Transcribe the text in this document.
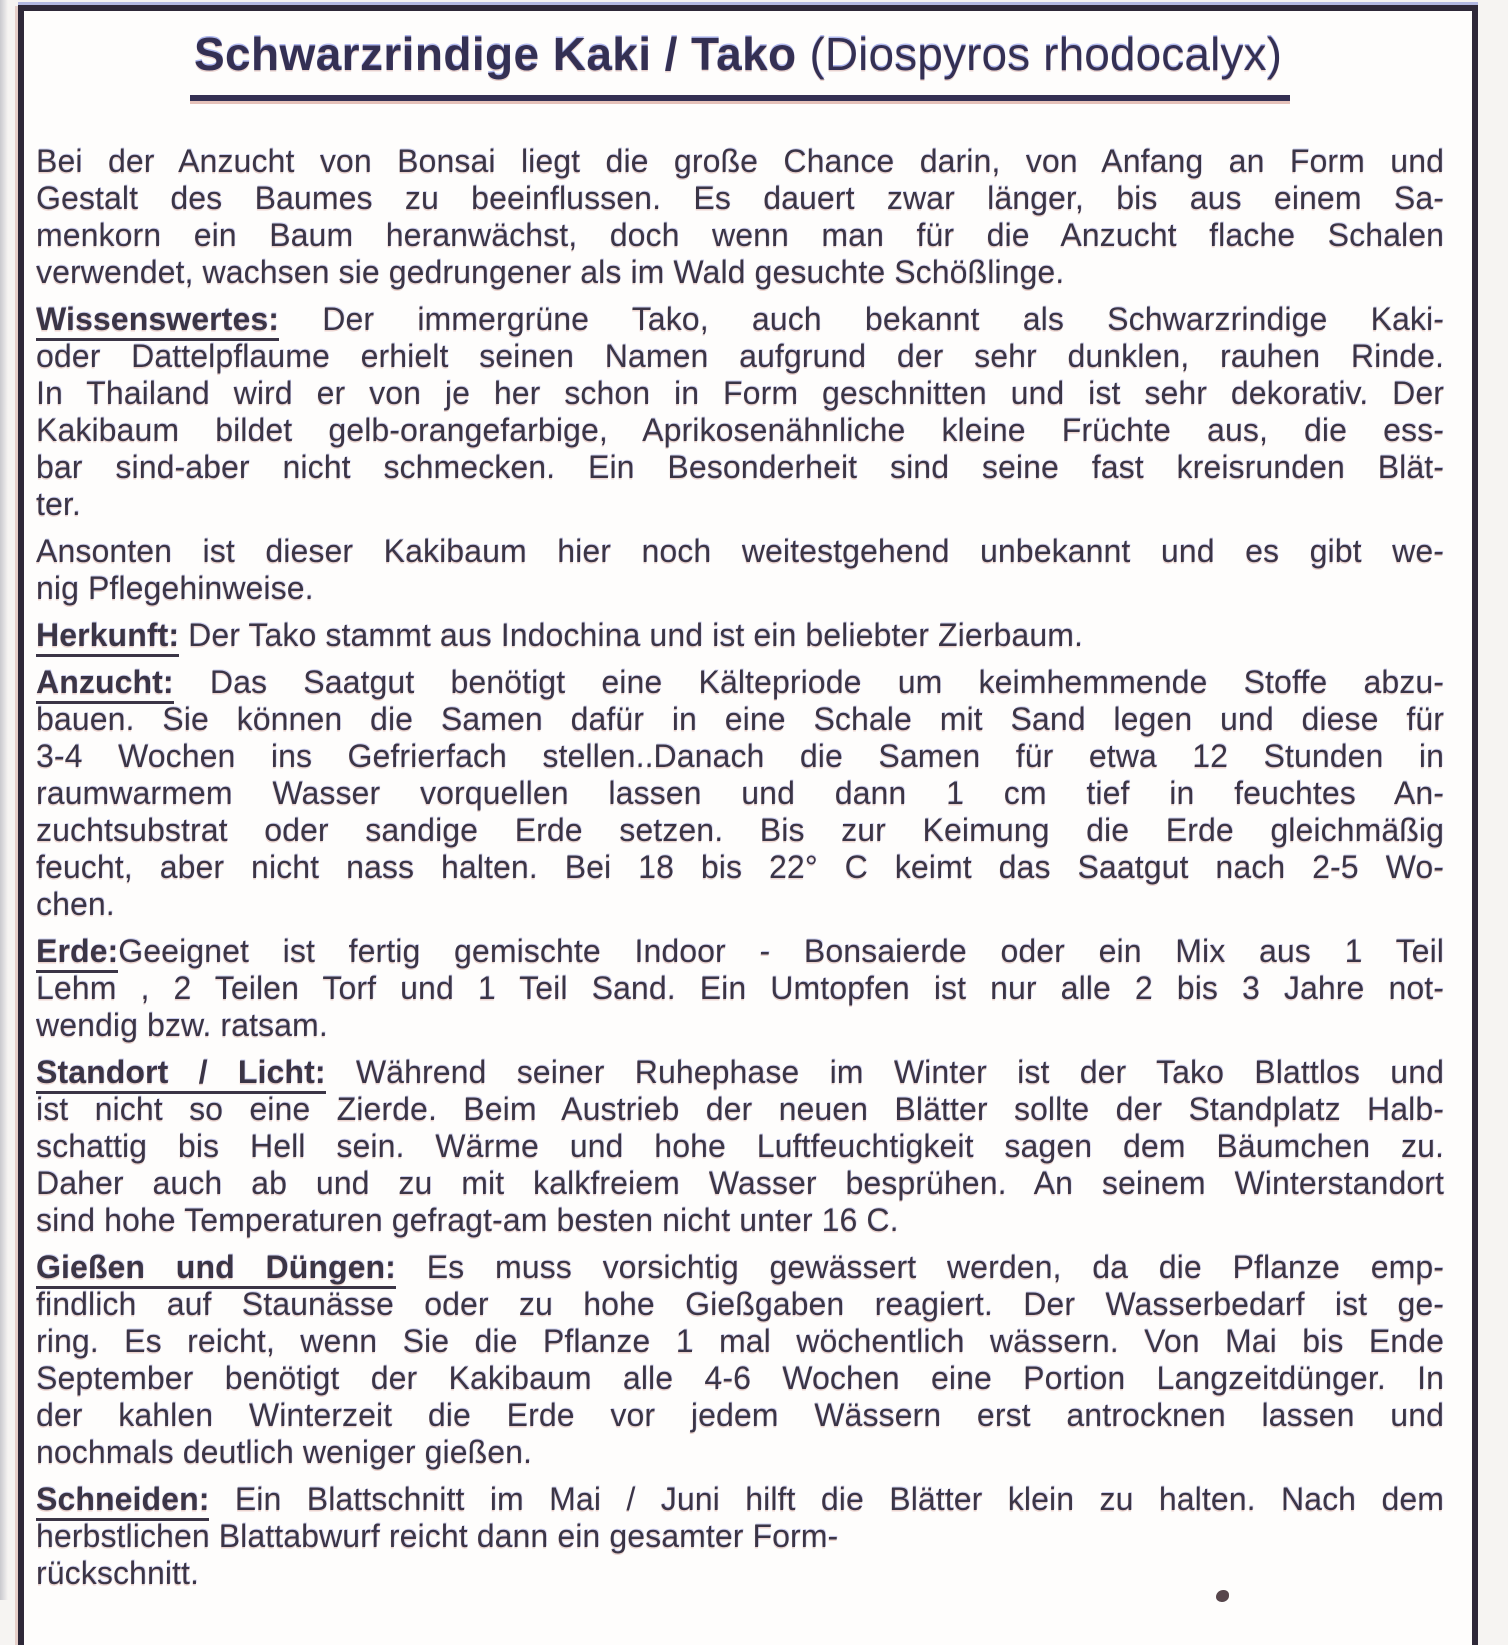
Schwarzrindige Kaki / Tako (Diospyros rhodocalyx)
Bei der Anzucht von Bonsai liegt die große Chance darin, von Anfang an Form und
Gestalt des Baumes zu beeinflussen. Es dauert zwar länger, bis aus einem Sa-
menkorn ein Baum heranwächst, doch wenn man für die Anzucht flache Schalen
verwendet, wachsen sie gedrungener als im Wald gesuchte Schößlinge.
Wissenswertes: Der immergrüne Tako, auch bekannt als Schwarzrindige Kaki-
oder Dattelpflaume erhielt seinen Namen aufgrund der sehr dunklen, rauhen Rinde.
In Thailand wird er von je her schon in Form geschnitten und ist sehr dekorativ. Der
Kakibaum bildet gelb-orangefarbige, Aprikosenähnliche kleine Früchte aus, die ess-
bar sind-aber nicht schmecken. Ein Besonderheit sind seine fast kreisrunden Blät-
ter.
Ansonten ist dieser Kakibaum hier noch weitestgehend unbekannt und es gibt we-
nig Pflegehinweise.
Herkunft: Der Tako stammt aus Indochina und ist ein beliebter Zierbaum.
Anzucht: Das Saatgut benötigt eine Kältepriode um keimhemmende Stoffe abzu-
bauen. Sie können die Samen dafür in eine Schale mit Sand legen und diese für
3-4 Wochen ins Gefrierfach stellen..Danach die Samen für etwa 12 Stunden in
raumwarmem Wasser vorquellen lassen und dann 1 cm tief in feuchtes An-
zuchtsubstrat oder sandige Erde setzen. Bis zur Keimung die Erde gleichmäßig
feucht, aber nicht nass halten. Bei 18 bis 22° C keimt das Saatgut nach 2-5 Wo-
chen.
Erde:Geeignet ist fertig gemischte Indoor - Bonsaierde oder ein Mix aus 1 Teil
Lehm , 2 Teilen Torf und 1 Teil Sand. Ein Umtopfen ist nur alle 2 bis 3 Jahre not-
wendig bzw. ratsam.
Standort / Licht: Während seiner Ruhephase im Winter ist der Tako Blattlos und
ist nicht so eine Zierde. Beim Austrieb der neuen Blätter sollte der Standplatz Halb-
schattig bis Hell sein. Wärme und hohe Luftfeuchtigkeit sagen dem Bäumchen zu.
Daher auch ab und zu mit kalkfreiem Wasser besprühen. An seinem Winterstandort
sind hohe Temperaturen gefragt-am besten nicht unter 16 C.
Gießen und Düngen: Es muss vorsichtig gewässert werden, da die Pflanze emp-
findlich auf Staunässe oder zu hohe Gießgaben reagiert. Der Wasserbedarf ist ge-
ring. Es reicht, wenn Sie die Pflanze 1 mal wöchentlich wässern. Von Mai bis Ende
September benötigt der Kakibaum alle 4-6 Wochen eine Portion Langzeitdünger. In
der kahlen Winterzeit die Erde vor jedem Wässern erst antrocknen lassen und
nochmals deutlich weniger gießen.
Schneiden: Ein Blattschnitt im Mai / Juni hilft die Blätter klein zu halten. Nach dem
herbstlichen Blattabwurf reicht dann ein gesamter Form-
rückschnitt.
